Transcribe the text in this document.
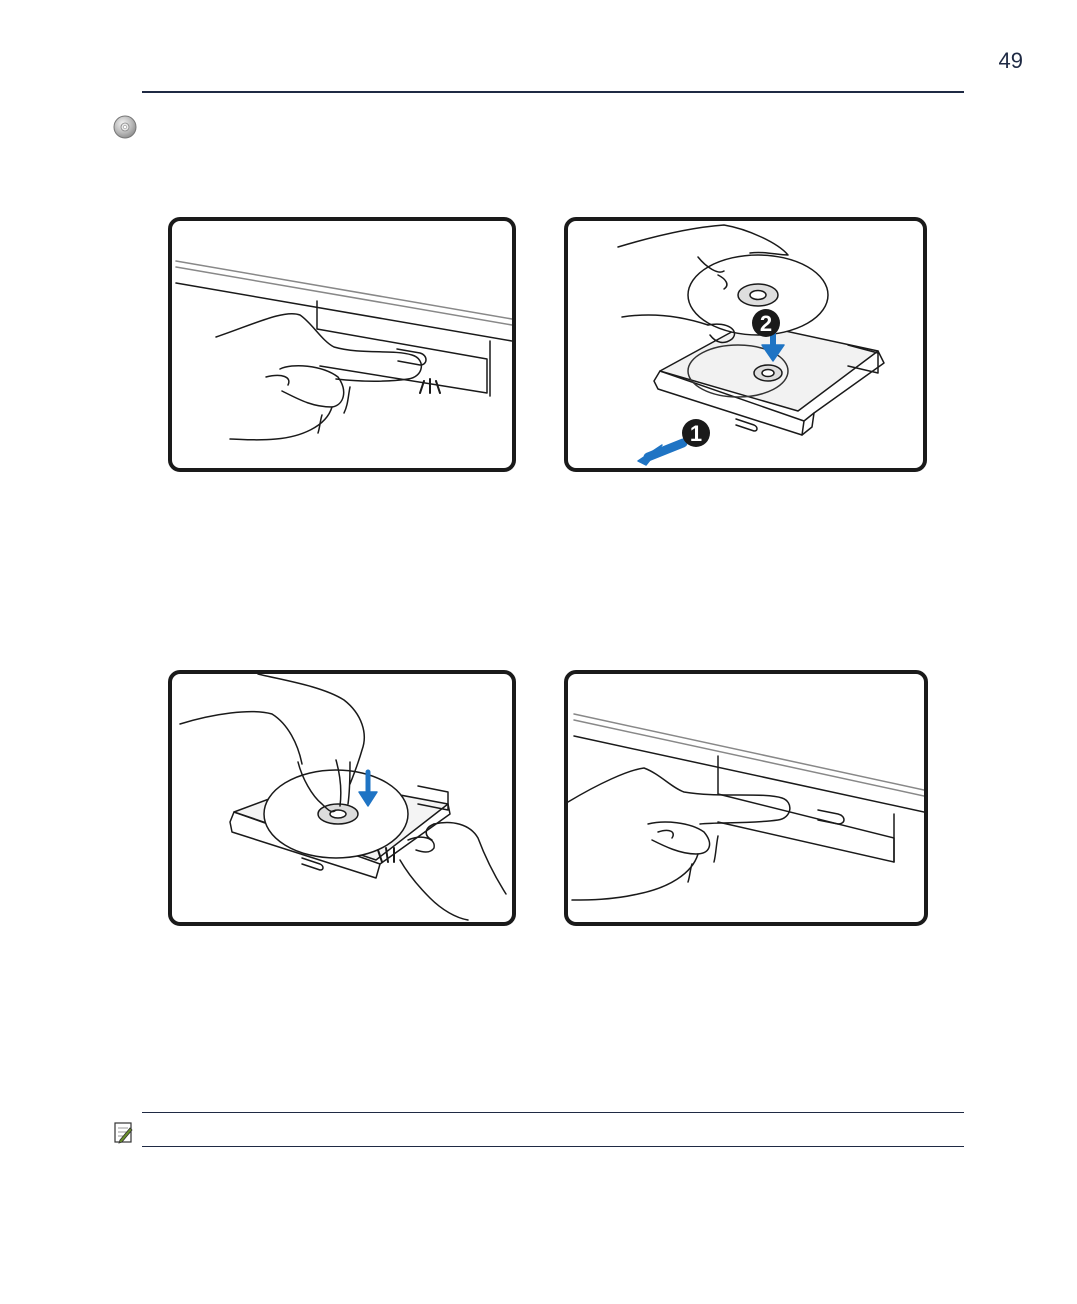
49
2
1
